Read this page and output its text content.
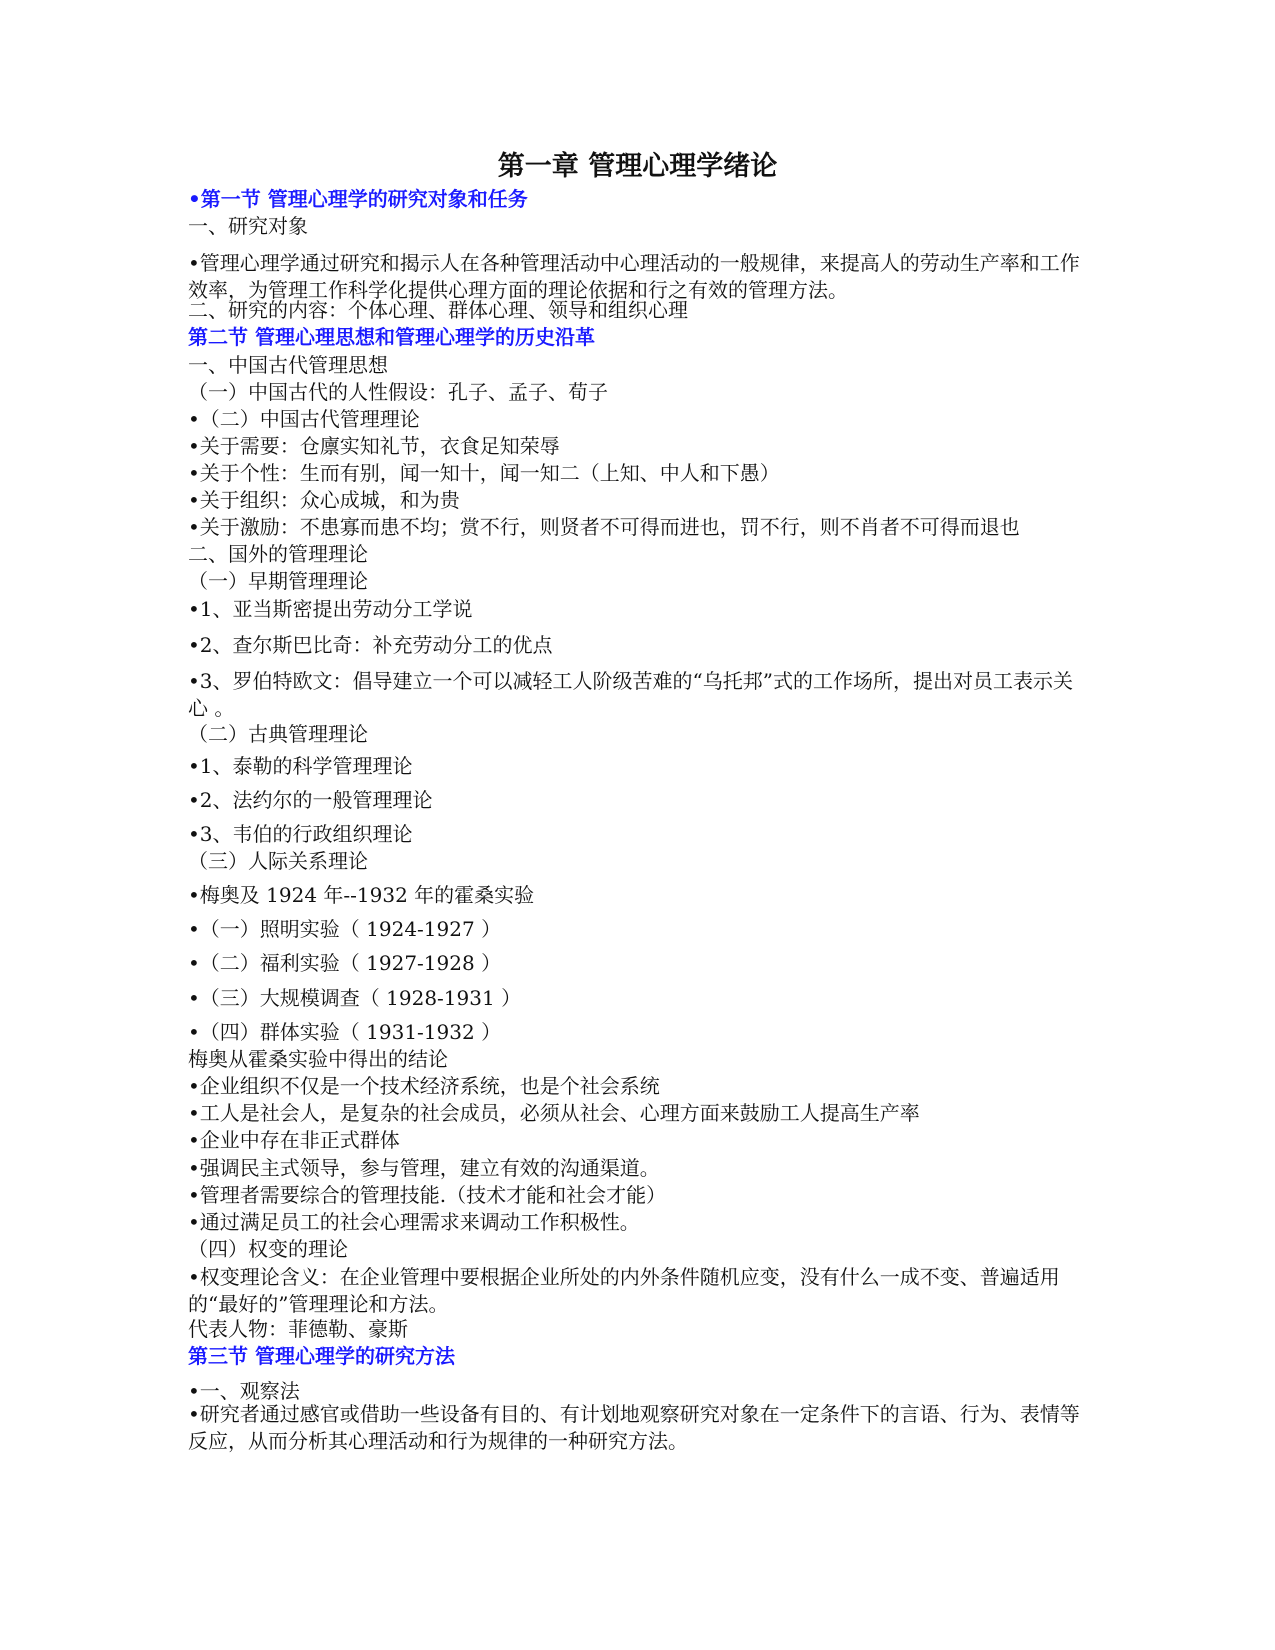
第一章 管理心理学绪论
•第一节 管理心理学的研究对象和任务
一、研究对象
•管理心理学通过研究和揭示人在各种管理活动中心理活动的一般规律，来提高人的劳动生产率和工作效率，为管理工作科学化提供心理方面的理论依据和行之有效的管理方法。
二、研究的内容：个体心理、群体心理、领导和组织心理
第二节 管理心理思想和管理心理学的历史沿革
一、中国古代管理思想
（一）中国古代的人性假设：孔子、孟子、荀子
•（二）中国古代管理理论
•关于需要：仓廪实知礼节，衣食足知荣辱
•关于个性：生而有别，闻一知十，闻一知二（上知、中人和下愚）
•关于组织：众心成城，和为贵
•关于激励：不患寡而患不均；赏不行，则贤者不可得而进也，罚不行，则不肖者不可得而退也
二、国外的管理理论
（一）早期管理理论
•1、亚当斯密提出劳动分工学说
•2、查尔斯巴比奇：补充劳动分工的优点
•3、罗伯特欧文：倡导建立一个可以减轻工人阶级苦难的“乌托邦”式的工作场所，提出对员工表示关心 。
（二）古典管理理论
•1、泰勒的科学管理理论
•2、法约尔的一般管理理论
•3、韦伯的行政组织理论
（三）人际关系理论
•梅奥及 1924 年--1932 年的霍桑实验
•（一）照明实验（ 1924-1927 ）
•（二）福利实验（ 1927-1928 ）
•（三）大规模调查（ 1928-1931 ）
•（四）群体实验（ 1931-1932 ）
梅奥从霍桑实验中得出的结论
•企业组织不仅是一个技术经济系统，也是个社会系统
•工人是社会人，是复杂的社会成员，必须从社会、心理方面来鼓励工人提高生产率
•企业中存在非正式群体
•强调民主式领导，参与管理，建立有效的沟通渠道。
•管理者需要综合的管理技能.（技术才能和社会才能）
•通过满足员工的社会心理需求来调动工作积极性。
（四）权变的理论
•权变理论含义：在企业管理中要根据企业所处的内外条件随机应变，没有什么一成不变、普遍适用的“最好的”管理理论和方法。
代表人物：菲德勒、豪斯
第三节 管理心理学的研究方法
•一、观察法
•研究者通过感官或借助一些设备有目的、有计划地观察研究对象在一定条件下的言语、行为、表情等反应，从而分析其心理活动和行为规律的一种研究方法。
